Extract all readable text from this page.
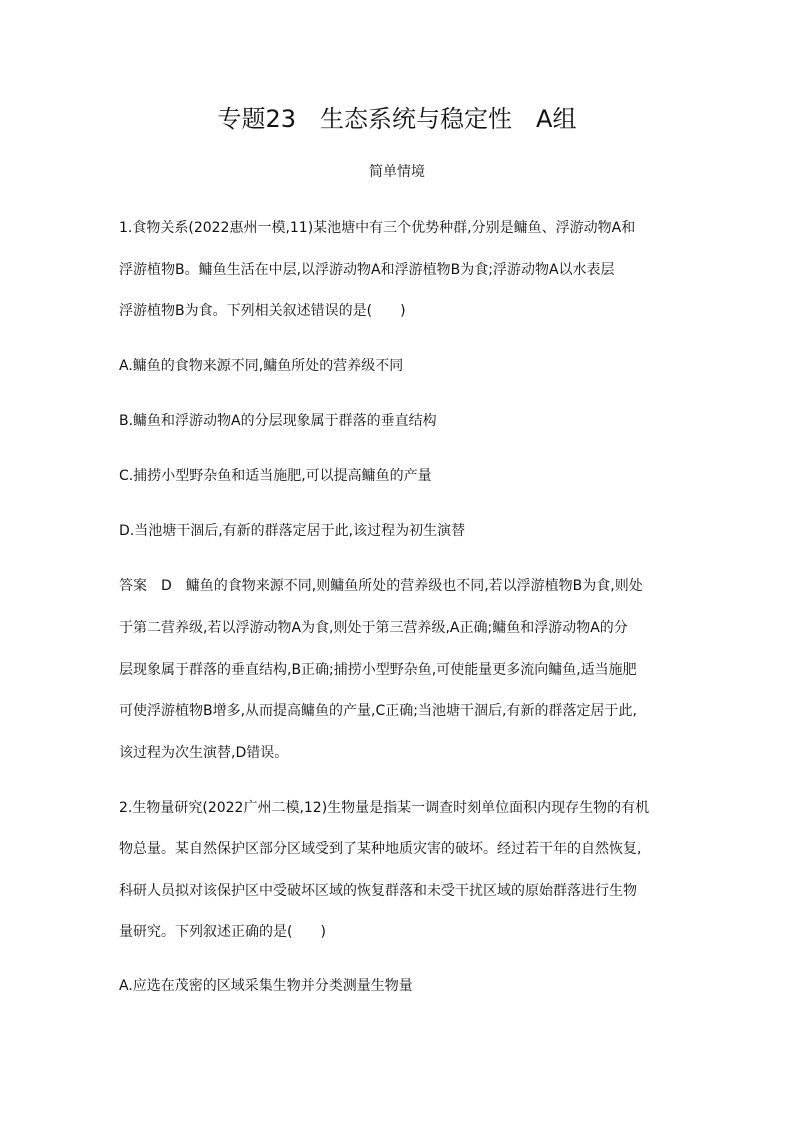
专题23　生态系统与稳定性　A组
简单情境
1.食物关系(2022惠州一模,11)某池塘中有三个优势种群,分别是鳙鱼、浮游动物A和
浮游植物B。鳙鱼生活在中层,以浮游动物A和浮游植物B为食;浮游动物A以水表层
浮游植物B为食。下列相关叙述错误的是(　　)
A.鳙鱼的食物来源不同,鳙鱼所处的营养级不同
B.鳙鱼和浮游动物A的分层现象属于群落的垂直结构
C.捕捞小型野杂鱼和适当施肥,可以提高鳙鱼的产量
D.当池塘干涸后,有新的群落定居于此,该过程为初生演替
答案　D　鳙鱼的食物来源不同,则鳙鱼所处的营养级也不同,若以浮游植物B为食,则处
于第二营养级,若以浮游动物A为食,则处于第三营养级,A正确;鳙鱼和浮游动物A的分
层现象属于群落的垂直结构,B正确;捕捞小型野杂鱼,可使能量更多流向鳙鱼,适当施肥
可使浮游植物B增多,从而提高鳙鱼的产量,C正确;当池塘干涸后,有新的群落定居于此,
该过程为次生演替,D错误。
2.生物量研究(2022广州二模,12)生物量是指某一调查时刻单位面积内现存生物的有机
物总量。某自然保护区部分区域受到了某种地质灾害的破坏。经过若干年的自然恢复,
科研人员拟对该保护区中受破坏区域的恢复群落和未受干扰区域的原始群落进行生物
量研究。下列叙述正确的是(　　)
A.应选在茂密的区域采集生物并分类测量生物量
